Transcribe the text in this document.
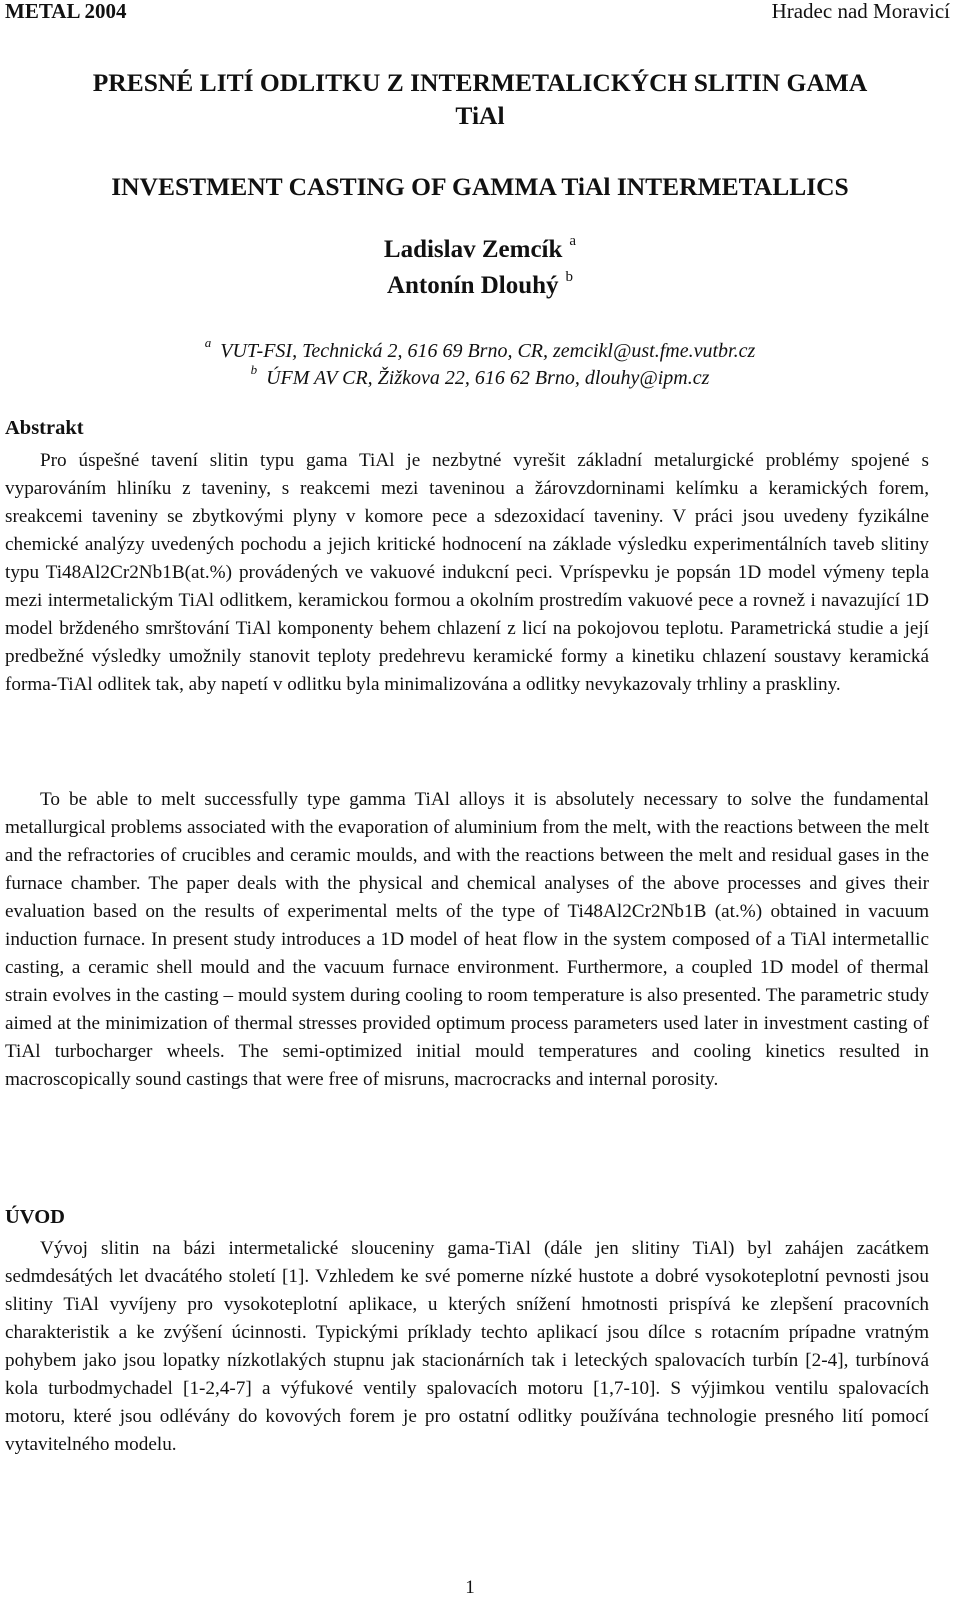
METAL 2004	Hradec nad Moravicí
PRESNÉ LITÍ ODLITKU Z INTERMETALICKÝCH SLITIN GAMA
TiAl
INVESTMENT CASTING OF GAMMA TiAl INTERMETALLICS
Ladislav Zemcík $^a$
Antonín Dlouhý $^b$
$^a$ VUT-FSI, Technická 2, 616 69 Brno, CR, zemcikl@ust.fme.vutbr.cz
$^b$ ÚFM AV CR, Žižkova 22, 616 62 Brno, dlouhy@ipm.cz
Abstrakt
Pro úspešné tavení slitin typu gama TiAl je nezbytné vyrešit základní metalurgické problémy spojené s vyparováním hliníku z taveniny, s reakcemi mezi taveninou a žárovzdorninami kelímku a keramických forem, sreakcemi taveniny se zbytkovými plyny v komore pece a sdezoxidací taveniny. V práci jsou uvedeny fyzikálne chemické analýzy uvedených pochodu a jejich kritické hodnocení na základe výsledku experimentálních taveb slitiny typu Ti48Al2Cr2Nb1B(at.%) provádených ve vakuové indukcní peci. Vpríspevku je popsán 1D model výmeny tepla mezi intermetalickým TiAl odlitkem, keramickou formou a okolním prostredím vakuové pece a rovnež i navazující 1D model brždeného smrštování TiAl komponenty behem chlazení z licí na pokojovou teplotu. Parametrická studie a její predbežné výsledky umožnily stanovit teploty predehrevu keramické formy a kinetiku chlazení soustavy keramická forma-TiAl odlitek tak, aby napetí v odlitku byla minimalizována a odlitky nevykazovaly trhliny a praskliny.
To be able to melt successfully type gamma TiAl alloys it is absolutely necessary to solve the fundamental metallurgical problems associated with the evaporation of aluminium from the melt, with the reactions between the melt and the refractories of crucibles and ceramic moulds, and with the reactions between the melt and residual gases in the furnace chamber. The paper deals with the physical and chemical analyses of the above processes and gives their evaluation based on the results of experimental melts of the type of Ti48Al2Cr2Nb1B (at.%) obtained in vacuum induction furnace. In present study introduces a 1D model of heat flow in the system composed of a TiAl intermetallic casting, a ceramic shell mould and the vacuum furnace environment. Furthermore, a coupled 1D model of thermal strain evolves in the casting – mould system during cooling to room temperature is also presented. The parametric study aimed at the minimization of thermal stresses provided optimum process parameters used later in investment casting of TiAl turbocharger wheels. The semi-optimized initial mould temperatures and cooling kinetics resulted in macroscopically sound castings that were free of misruns, macrocracks and internal porosity.
ÚVOD
Vývoj slitin na bázi intermetalické slouceniny gama-TiAl (dále jen slitiny TiAl) byl zahájen zacátkem sedmdesátých let dvacátého století [1]. Vzhledem ke své pomerne nízké hustote a dobré vysokoteplotní pevnosti jsou slitiny TiAl vyvíjeny pro vysokoteplotní aplikace, u kterých snížení hmotnosti prispívá ke zlepšení pracovních charakteristik a ke zvýšení úcinnosti. Typickými príklady techto aplikací jsou dílce s rotacním prípadne vratným pohybem jako jsou lopatky nízkotlakých stupnu jak stacionárních tak i leteckých spalovacích turbín [2-4], turbínová kola turbodmychadel [1-2,4-7] a výfukové ventily spalovacích motoru [1,7-10]. S výjimkou ventilu spalovacích motoru, které jsou odlévány do kovových forem je pro ostatní odlitky používána technologie presného lití pomocí vytavitelného modelu.
1
